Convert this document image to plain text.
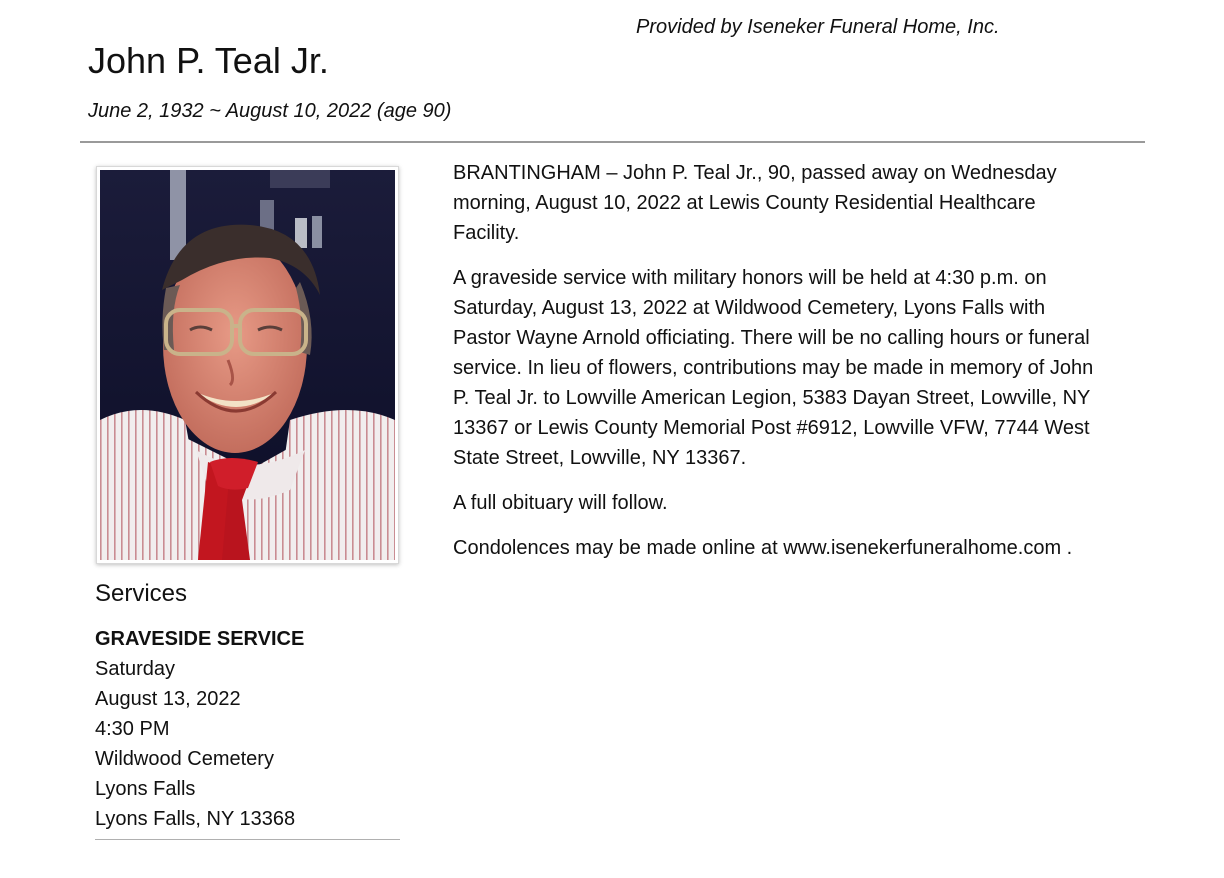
Provided by Iseneker Funeral Home, Inc.
John P. Teal Jr.
June 2, 1932 ~ August 10, 2022 (age 90)
Services
GRAVESIDE SERVICE
Saturday
August 13, 2022
4:30 PM
Wildwood Cemetery
Lyons Falls
Lyons Falls, NY 13368

BRANTINGHAM – John P. Teal Jr., 90, passed away on Wednesday
morning, August 10, 2022 at Lewis County Residential Healthcare
Facility.

A graveside service with military honors will be held at 4:30 p.m. on
Saturday, August 13, 2022 at Wildwood Cemetery, Lyons Falls with
Pastor Wayne Arnold officiating. There will be no calling hours or funeral
service. In lieu of flowers, contributions may be made in memory of John
P. Teal Jr. to Lowville American Legion, 5383 Dayan Street, Lowville, NY
13367 or Lewis County Memorial Post #6912, Lowville VFW, 7744 West
State Street, Lowville, NY 13367.

A full obituary will follow.

Condolences may be made online at www.isenekerfuneralhome.com .
